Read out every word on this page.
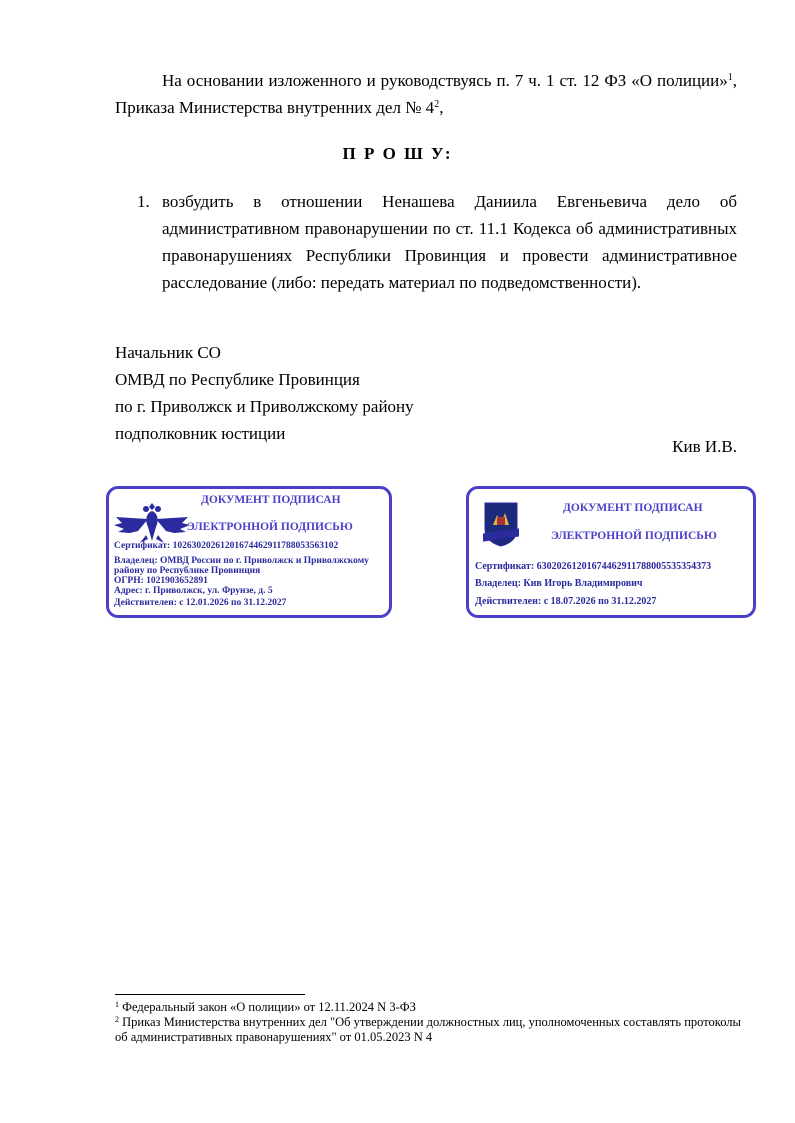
На основании изложенного и руководствуясь п. 7 ч. 1 ст. 12 ФЗ «О полиции»$^1$, Приказа Министерства внутренних дел № $4^2$,
П Р О Ш У:
1. возбудить в отношении Ненашева Даниила Евгеньевича дело об административном правонарушении по ст. 11.1 Кодекса об административных правонарушениях Республики Провинция и провести административное расследование (либо: передать материал по подведомственности).
Начальник СО
ОМВД по Республике Провинция
по г. Приволжск и Приволжскому району
подполковник юстиции
Кив И.В.
ДОКУМЕНТ ПОДПИСАН
ЭЛЕКТРОННОЙ ПОДПИСЬЮ
Сертификат: 1026302026120167446291178805356310​2
Владелец: ОМВД России по г. Приволжск и Приволжскому
району по Республике Провинция
ОГРН: 1021903652891
Адрес: г. Приволжск, ул. Фрунзе, д. 5
Действителен: с 12.01.2026 по 31.12.2027
ДОКУМЕНТ ПОДПИСАН
ЭЛЕКТРОННОЙ ПОДПИСЬЮ
Сертификат: 630202612016744629117880055353543​73
Владелец: Кив Игорь Владимирович
Действителен: с 18.07.2026 по 31.12.2027
$^1$ Федеральный закон «О полиции» от 12.11.2024 N 3-ФЗ
$^2$ Приказ Министерства внутренних дел "Об утверждении должностных лиц, уполномоченных составлять протоколы об административных правонарушениях" от 01.05.2023 N 4
